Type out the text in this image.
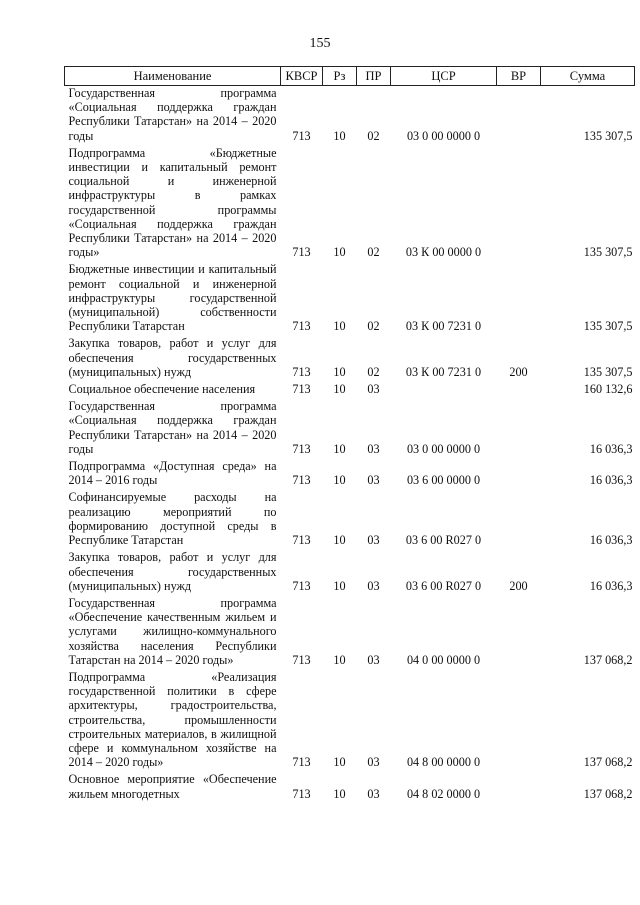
155
Наименование	КВСР	Рз	ПР	ЦСР	ВР	Сумма
Государственная программа «Социальная поддержка граждан Республики Татарстан» на 2014 – 2020 годы	713	10	02	03 0 00 0000 0		135 307,5
Подпрограмма «Бюджетные инвестиции и капитальный ремонт социальной и инженерной инфраструктуры в рамках государственной программы «Социальная поддержка граждан Республики Татарстан» на 2014 – 2020 годы»	713	10	02	03 К 00 0000 0		135 307,5
Бюджетные инвестиции и капитальный ремонт социальной и инженерной инфраструктуры государственной (муниципальной) собственности Республики Татарстан	713	10	02	03 К 00 7231 0		135 307,5
Закупка товаров, работ и услуг для обеспечения государственных (муниципальных) нужд	713	10	02	03 К 00 7231 0	200	135 307,5
Социальное обеспечение населения	713	10	03			160 132,6
Государственная программа «Социальная поддержка граждан Республики Татарстан» на 2014 – 2020 годы	713	10	03	03 0 00 0000 0		16 036,3
Подпрограмма «Доступная среда» на 2014 – 2016 годы	713	10	03	03 6 00 0000 0		16 036,3
Софинансируемые расходы на реализацию мероприятий по формированию доступной среды в Республике Татарстан	713	10	03	03 6 00 R027 0		16 036,3
Закупка товаров, работ и услуг для обеспечения государственных (муниципальных) нужд	713	10	03	03 6 00 R027 0	200	16 036,3
Государственная программа «Обеспечение качественным жильем и услугами жилищно-коммунального хозяйства населения Республики Татарстан на 2014 – 2020 годы»	713	10	03	04 0 00 0000 0		137 068,2
Подпрограмма «Реализация государственной политики в сфере архитектуры, градостроительства, строительства, промышленности строительных материалов, в жилищной сфере и коммунальном хозяйстве на 2014 – 2020 годы»	713	10	03	04 8 00 0000 0		137 068,2
Основное мероприятие «Обеспечение жильем многодетных	713	10	03	04 8 02 0000 0		137 068,2
